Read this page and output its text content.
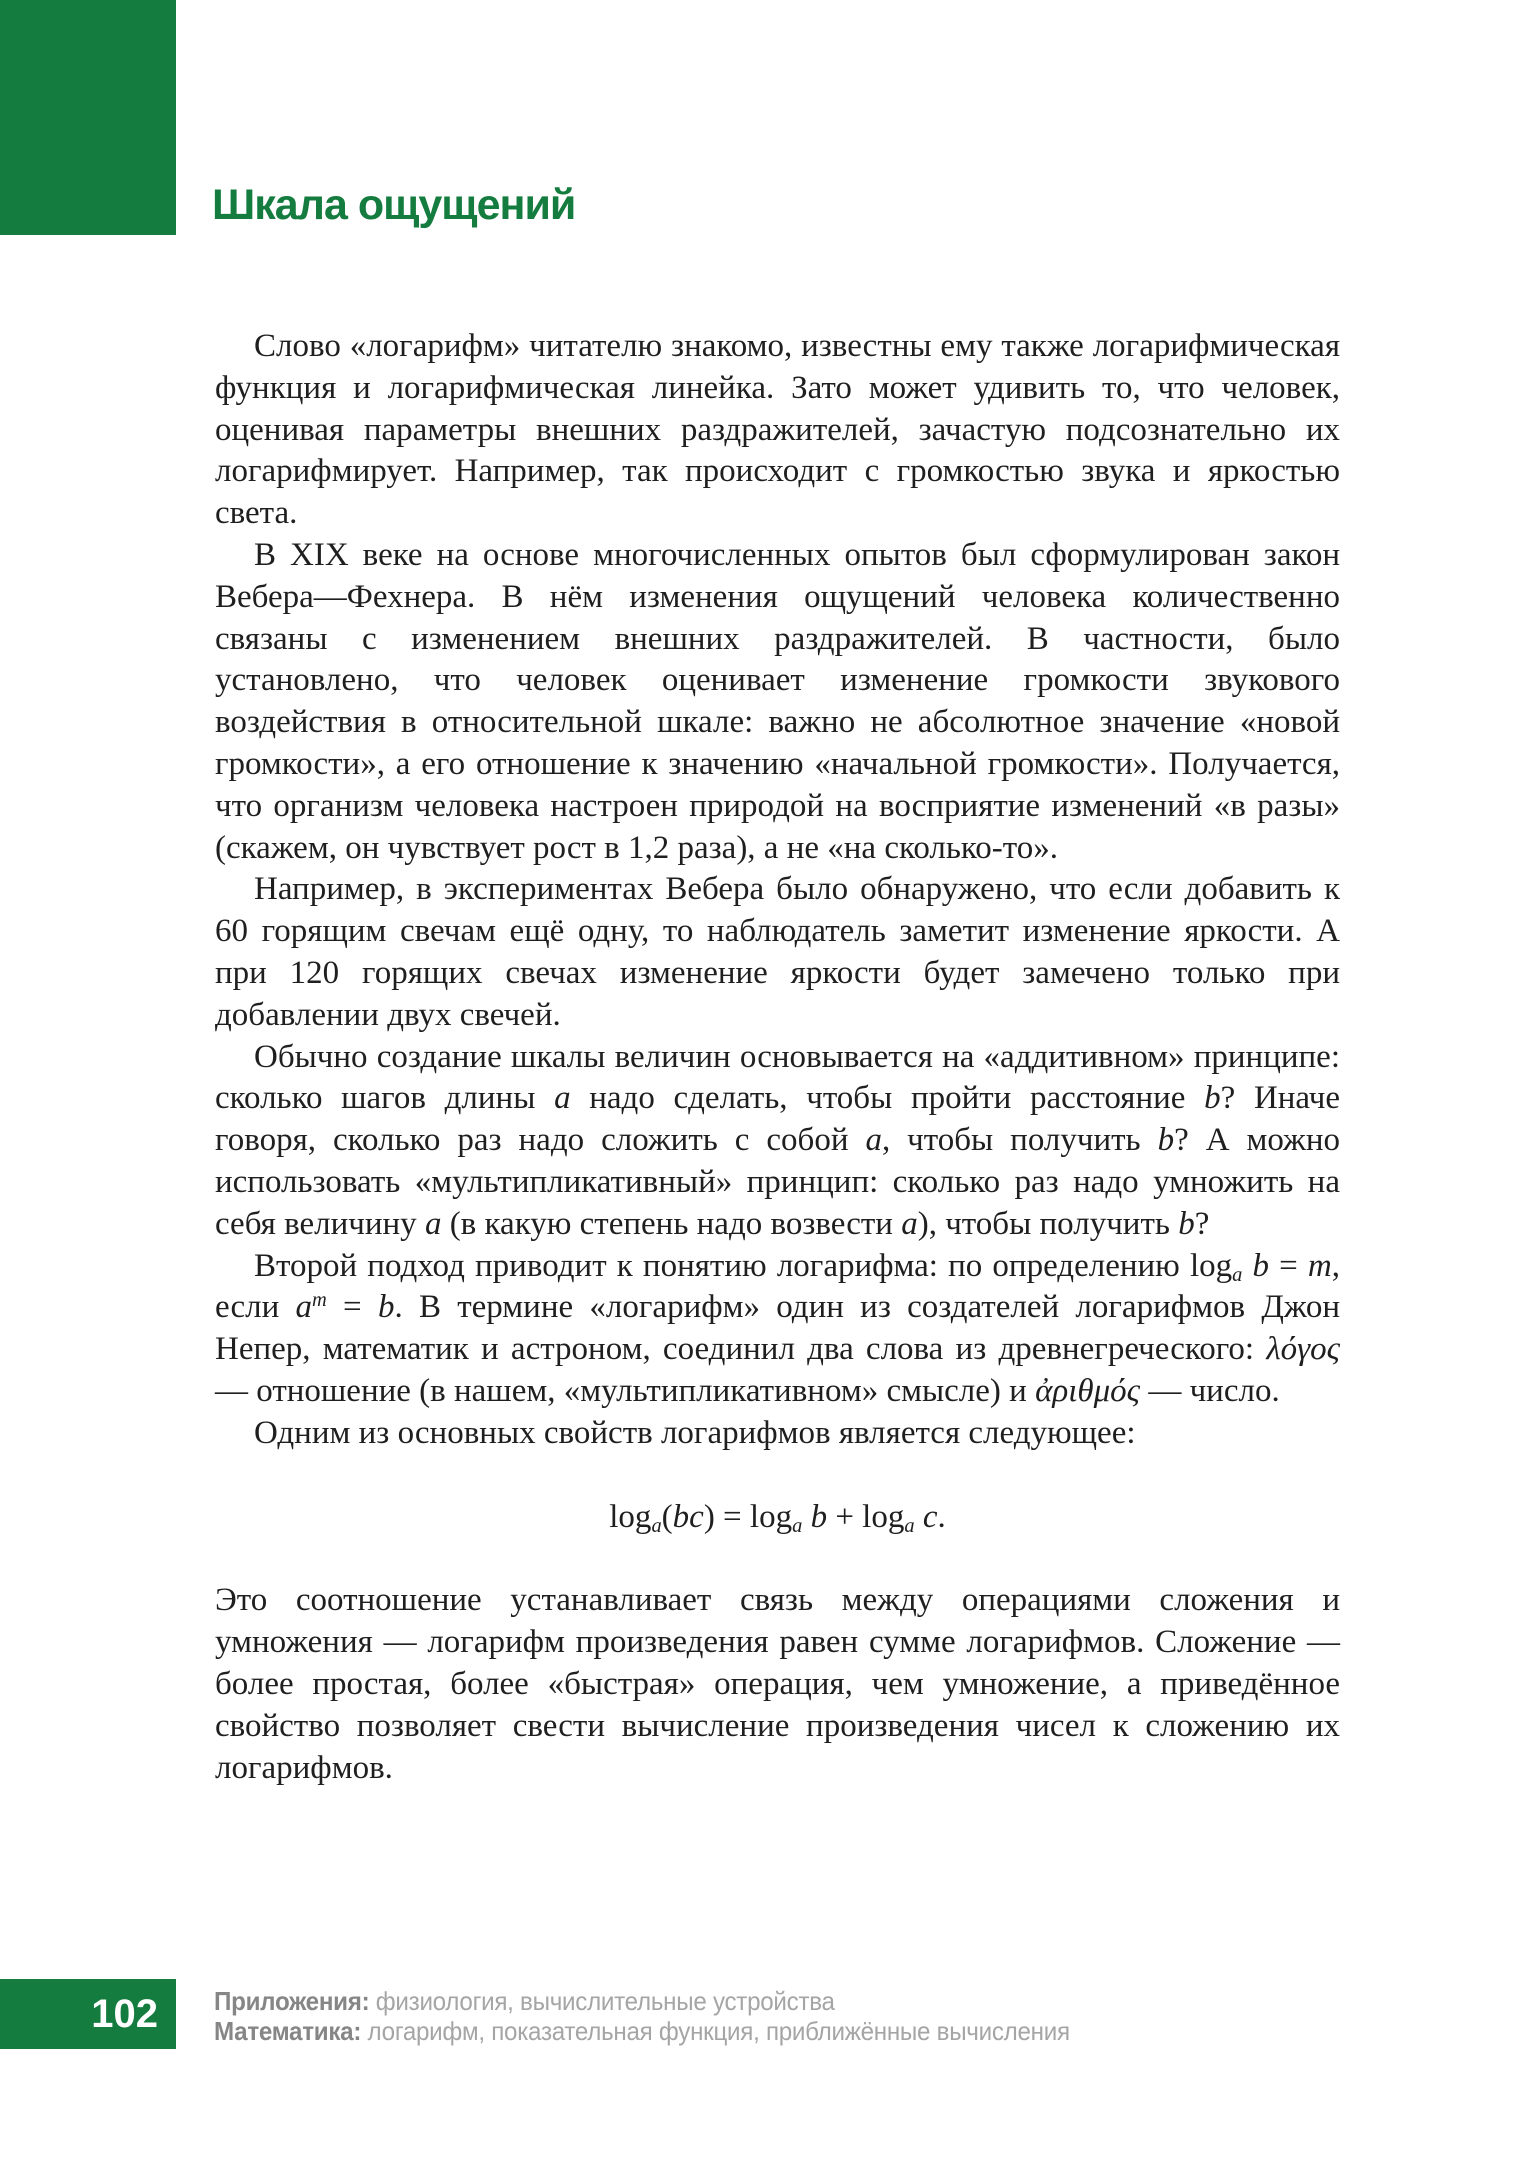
Шкала ощущений

Слово «логарифм» читателю знакомо, известны ему также логарифмическая функция и логарифмическая линейка. Зато может удивить то, что человек, оценивая параметры внешних раздражителей, зачастую подсознательно их логарифмирует. Например, так происходит с громкостью звука и яркостью света.

В XIX веке на основе многочисленных опытов был сформулирован закон Вебера—Фехнера. В нём изменения ощущений человека количественно связаны с изменением внешних раздражителей. В частности, было установлено, что человек оценивает изменение громкости звукового воздействия в относительной шкале: важно не абсолютное значение «новой громкости», а его отношение к значению «начальной громкости». Получается, что организм человека настроен природой на восприятие изменений «в разы» (скажем, он чувствует рост в 1,2 раза), а не «на сколько-то».

Например, в экспериментах Вебера было обнаружено, что если добавить к 60 горящим свечам ещё одну, то наблюдатель заметит изменение яркости. А при 120 горящих свечах изменение яркости будет замечено только при добавлении двух свечей.

Обычно создание шкалы величин основывается на «аддитивном» принципе: сколько шагов длины a надо сделать, чтобы пройти расстояние b? Иначе говоря, сколько раз надо сложить с собой a, чтобы получить b? А можно использовать «мультипликативный» принцип: сколько раз надо умножить на себя величину a (в какую степень надо возвести a), чтобы получить b?

Второй подход приводит к понятию логарифма: по определению $\log_a b = m$, если $a^m = b$. В термине «логарифм» один из создателей логарифмов Джон Непер, математик и астроном, соединил два слова из древнегреческого: λόγος — отношение (в нашем, «мультипликативном» смысле) и ἀριθμός — число.

Одним из основных свойств логарифмов является следующее:

$\log_a(bc) = \log_a b + \log_a c$.

Это соотношение устанавливает связь между операциями сложения и умножения — логарифм произведения равен сумме логарифмов. Сложение — более простая, более «быстрая» операция, чем умножение, а приведённое свойство позволяет свести вычисление произведения чисел к сложению их логарифмов.

102 Приложения: физиология, вычислительные устройства
Математика: логарифм, показательная функция, приближённые вычисления
